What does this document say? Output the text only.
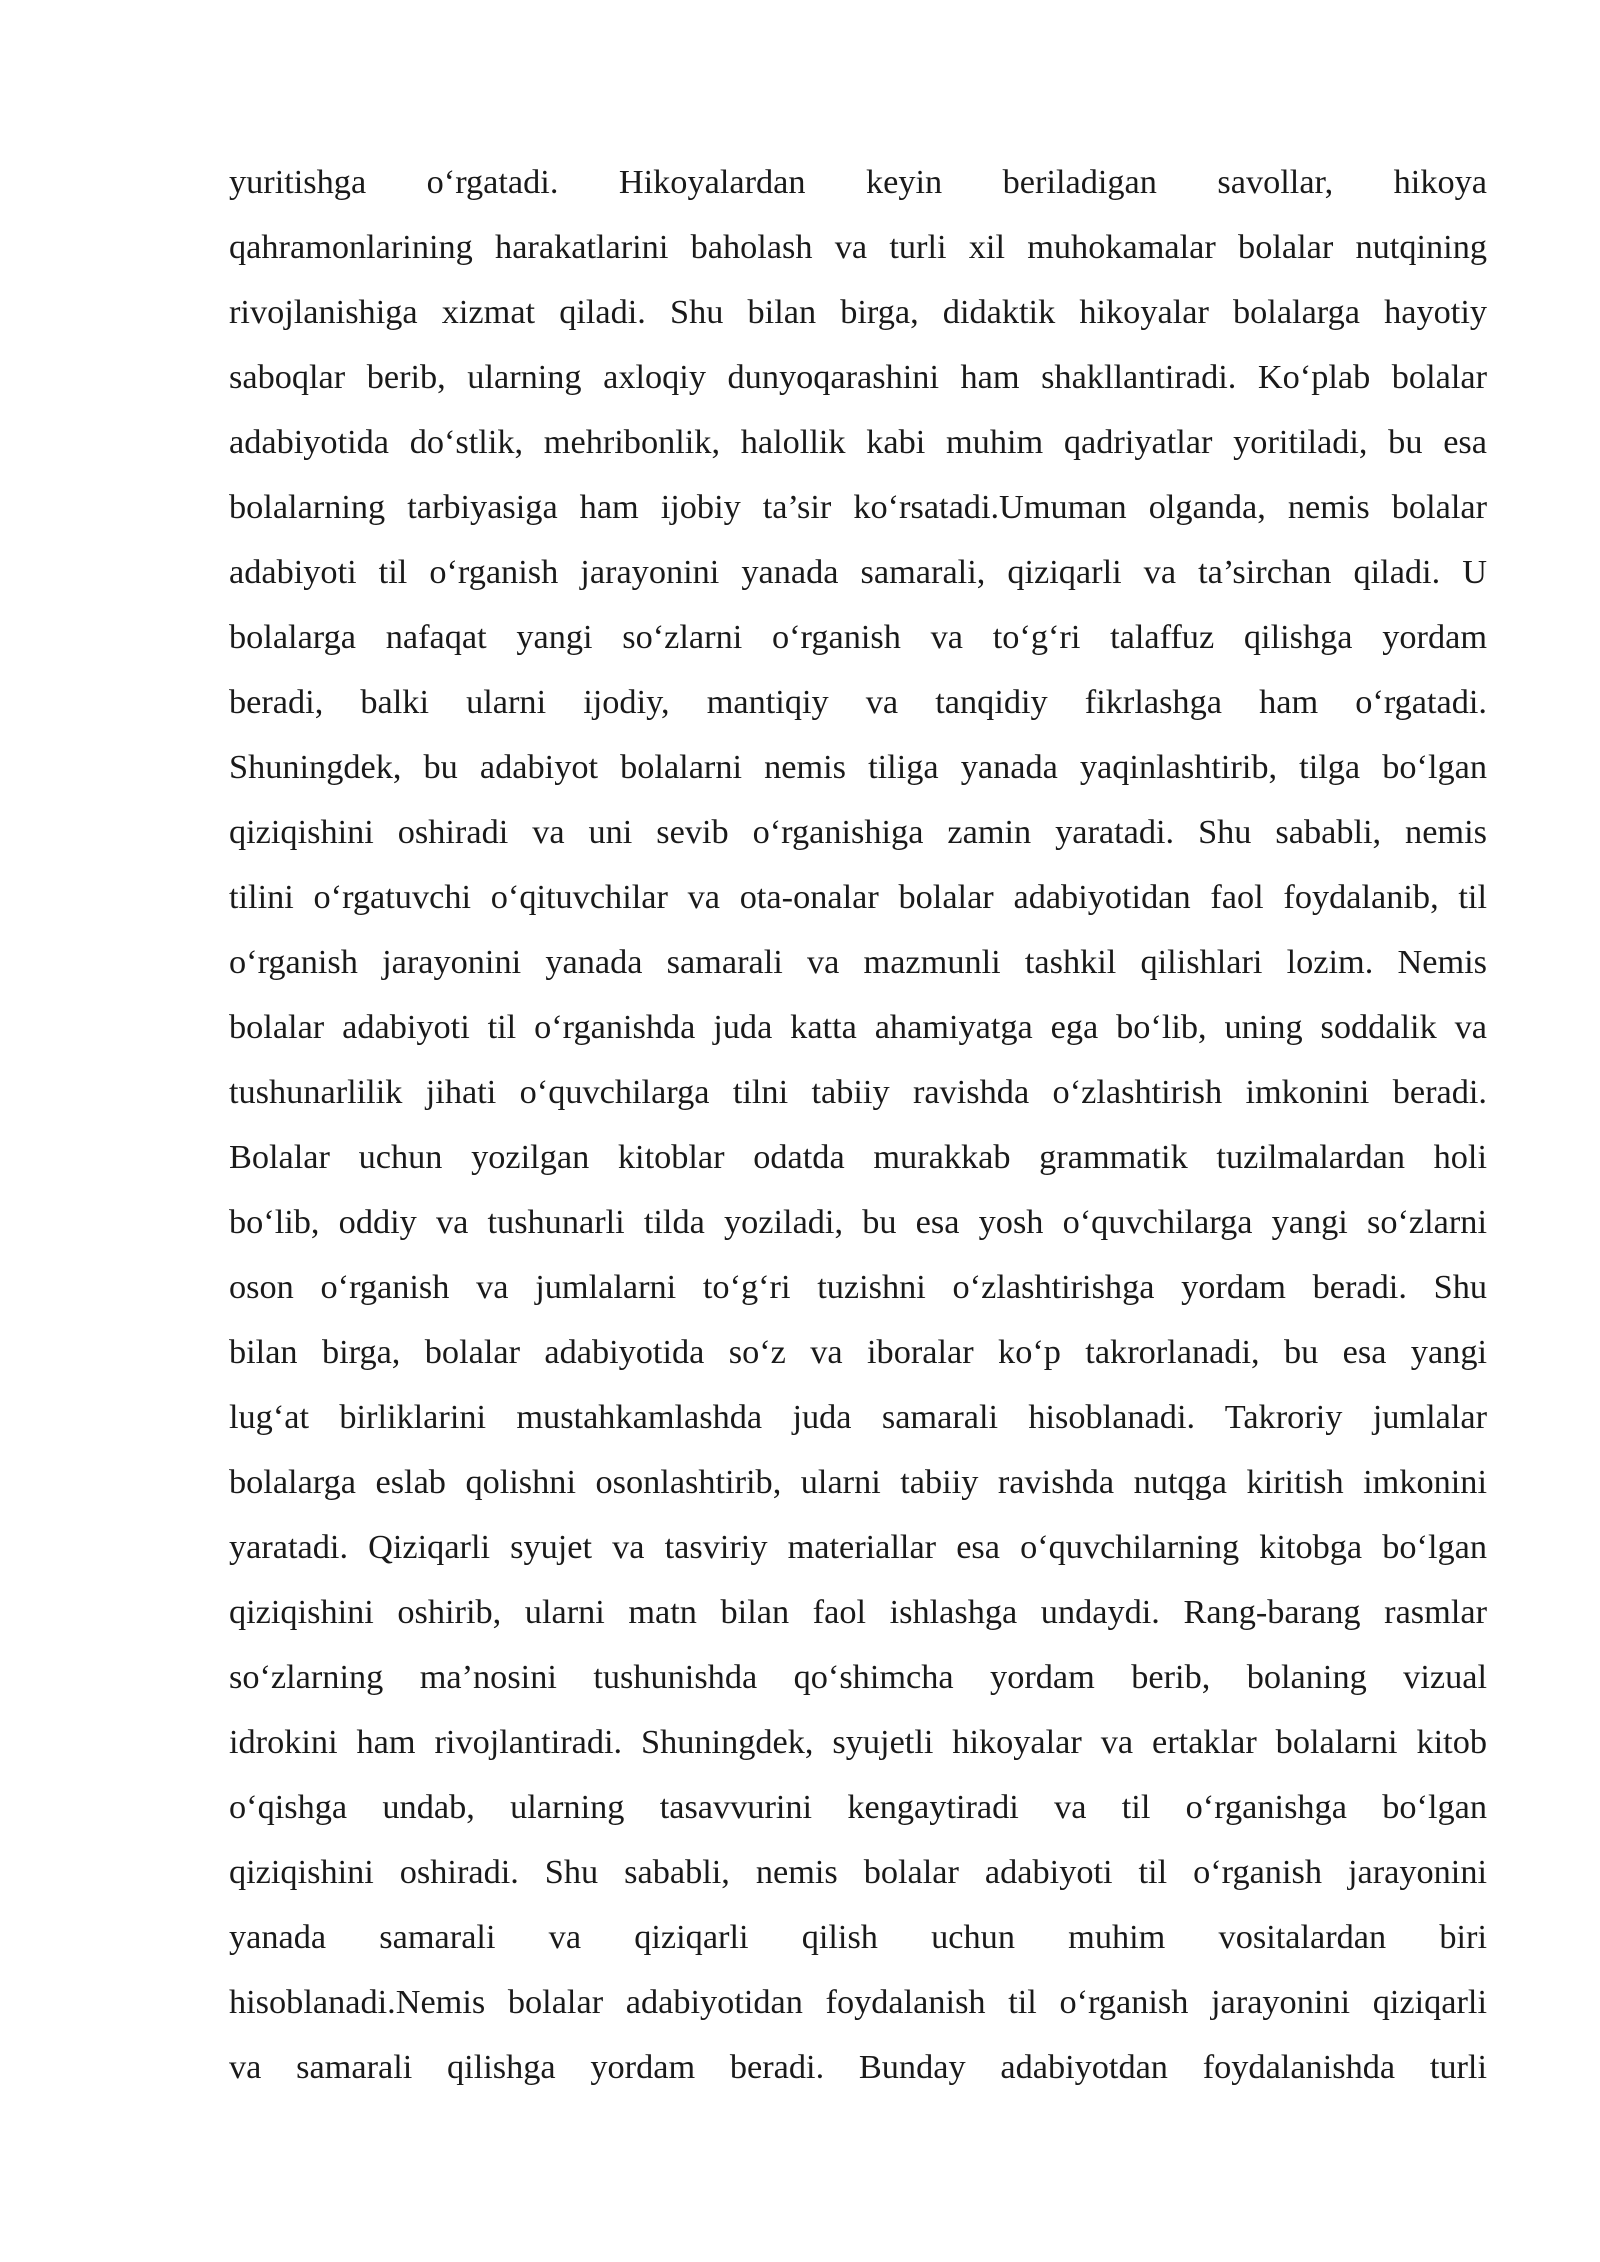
yuritishga o‘rgatadi. Hikoyalardan keyin beriladigan savollar, hikoya
qahramonlarining harakatlarini baholash va turli xil muhokamalar bolalar nutqining
rivojlanishiga xizmat qiladi. Shu bilan birga, didaktik hikoyalar bolalarga hayotiy
saboqlar berib, ularning axloqiy dunyoqarashini ham shakllantiradi. Ko‘plab bolalar
adabiyotida do‘stlik, mehribonlik, halollik kabi muhim qadriyatlar yoritiladi, bu esa
bolalarning tarbiyasiga ham ijobiy ta’sir ko‘rsatadi.Umuman olganda, nemis bolalar
adabiyoti til o‘rganish jarayonini yanada samarali, qiziqarli va ta’sirchan qiladi. U
bolalarga nafaqat yangi so‘zlarni o‘rganish va to‘g‘ri talaffuz qilishga yordam
beradi, balki ularni ijodiy, mantiqiy va tanqidiy fikrlashga ham o‘rgatadi.
Shuningdek, bu adabiyot bolalarni nemis tiliga yanada yaqinlashtirib, tilga bo‘lgan
qiziqishini oshiradi va uni sevib o‘rganishiga zamin yaratadi. Shu sababli, nemis
tilini o‘rgatuvchi o‘qituvchilar va ota-onalar bolalar adabiyotidan faol foydalanib, til
o‘rganish jarayonini yanada samarali va mazmunli tashkil qilishlari lozim. Nemis
bolalar adabiyoti til o‘rganishda juda katta ahamiyatga ega bo‘lib, uning soddalik va
tushunarlilik jihati o‘quvchilarga tilni tabiiy ravishda o‘zlashtirish imkonini beradi.
Bolalar uchun yozilgan kitoblar odatda murakkab grammatik tuzilmalardan holi
bo‘lib, oddiy va tushunarli tilda yoziladi, bu esa yosh o‘quvchilarga yangi so‘zlarni
oson o‘rganish va jumlalarni to‘g‘ri tuzishni o‘zlashtirishga yordam beradi. Shu
bilan birga, bolalar adabiyotida so‘z va iboralar ko‘p takrorlanadi, bu esa yangi
lug‘at birliklarini mustahkamlashda juda samarali hisoblanadi. Takroriy jumlalar
bolalarga eslab qolishni osonlashtirib, ularni tabiiy ravishda nutqga kiritish imkonini
yaratadi. Qiziqarli syujet va tasviriy materiallar esa o‘quvchilarning kitobga bo‘lgan
qiziqishini oshirib, ularni matn bilan faol ishlashga undaydi. Rang-barang rasmlar
so‘zlarning ma’nosini tushunishda qo‘shimcha yordam berib, bolaning vizual
idrokini ham rivojlantiradi. Shuningdek, syujetli hikoyalar va ertaklar bolalarni kitob
o‘qishga undab, ularning tasavvurini kengaytiradi va til o‘rganishga bo‘lgan
qiziqishini oshiradi. Shu sababli, nemis bolalar adabiyoti til o‘rganish jarayonini
yanada samarali va qiziqarli qilish uchun muhim vositalardan biri
hisoblanadi.Nemis bolalar adabiyotidan foydalanish til o‘rganish jarayonini qiziqarli
va samarali qilishga yordam beradi. Bunday adabiyotdan foydalanishda turli
